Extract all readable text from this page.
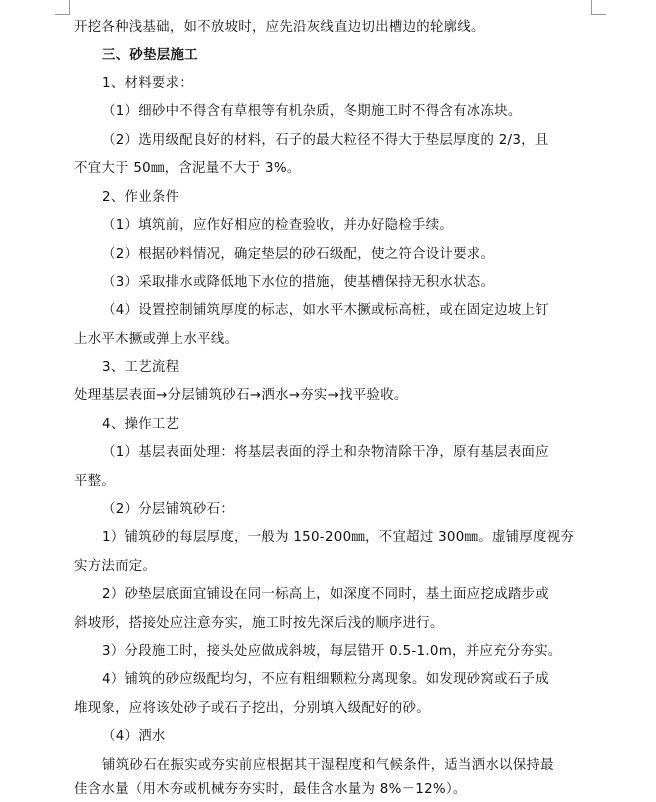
开挖各种浅基础，如不放坡时，应先沿灰线直边切出槽边的轮廓线。
三、砂垫层施工
1、材料要求：
（1）细砂中不得含有草根等有机杂质，冬期施工时不得含有冰冻块。
（2）选用级配良好的材料，石子的最大粒径不得大于垫层厚度的 2/3，且
不宜大于 50㎜，含泥量不大于 3%。
2、作业条件
（1）填筑前，应作好相应的检查验收，并办好隐检手续。
（2）根据砂料情况，确定垫层的砂石级配，使之符合设计要求。
（3）采取排水或降低地下水位的措施，使基槽保持无积水状态。
（4）设置控制铺筑厚度的标志，如水平木撅或标高桩，或在固定边坡上钉
上水平木撅或弹上水平线。
3、工艺流程
处理基层表面→分层铺筑砂石→洒水→夯实→找平验收。
4、操作工艺
（1）基层表面处理：将基层表面的浮土和杂物清除干净，原有基层表面应
平整。
（2）分层铺筑砂石：
1）铺筑砂的每层厚度，一般为 150-200㎜，不宜超过 300㎜。虚铺厚度视夯
实方法而定。
2）砂垫层底面宜铺设在同一标高上，如深度不同时，基土面应挖成踏步或
斜坡形，搭接处应注意夯实，施工时按先深后浅的顺序进行。
3）分段施工时，接头处应做成斜坡，每层错开 0.5-1.0m，并应充分夯实。
4）铺筑的砂应级配均匀，不应有粗细颗粒分离现象。如发现砂窝或石子成
堆现象，应将该处砂子或石子挖出，分别填入级配好的砂。
（4）洒水
铺筑砂石在振实或夯实前应根据其干湿程度和气候条件，适当洒水以保持最
佳含水量（用木夯或机械夯夯实时，最佳含水量为 8%－12%）。
